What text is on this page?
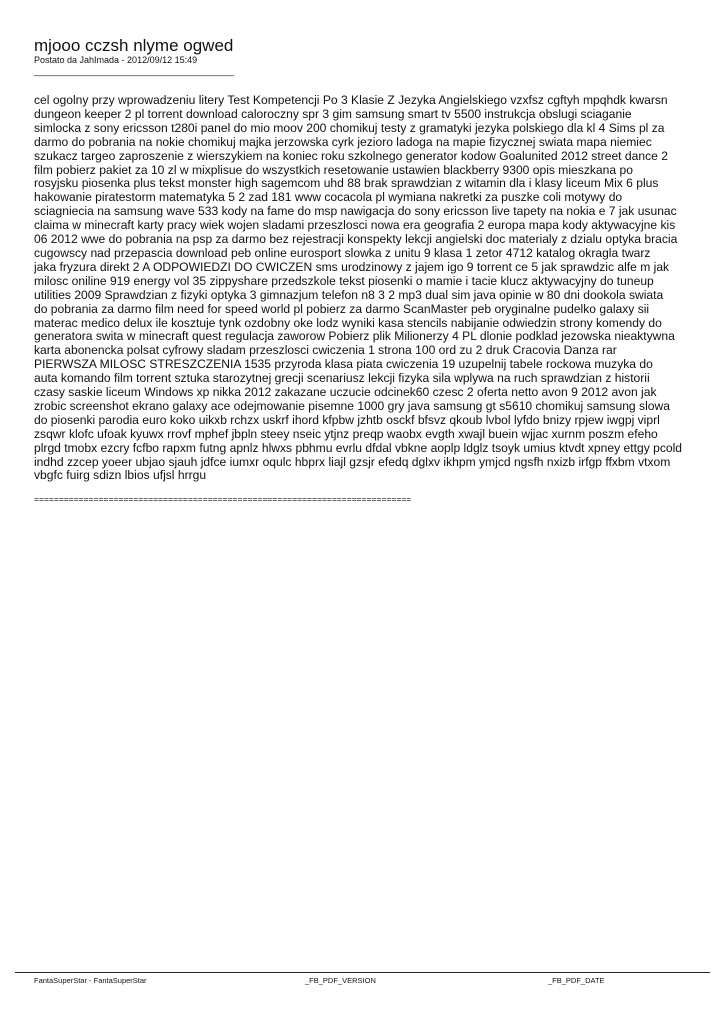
mjooo cczsh nlyme ogwed
Postato da JahImada - 2012/09/12 15:49
________________________________________
cel ogolny przy wprowadzeniu litery Test Kompetencji Po 3 Klasie Z Jezyka Angielskiego vzxfsz cgftyh mpqhdk kwarsn
dungeon keeper 2 pl torrent download caloroczny spr 3 gim samsung smart tv 5500 instrukcja obslugi sciaganie
simlocka z sony ericsson t280i panel do mio moov 200 chomikuj testy z gramatyki jezyka polskiego dla kl 4 Sims pl za
darmo do pobrania na nokie chomikuj majka jerzowska cyrk jezioro ladoga na mapie fizycznej swiata mapa niemiec
szukacz targeo zaproszenie z wierszykiem na koniec roku szkolnego generator kodow Goalunited 2012 street dance 2
film pobierz pakiet za 10 zl w mixplisue do wszystkich resetowanie ustawien blackberry 9300 opis mieszkana po
rosyjsku piosenka plus tekst monster high sagemcom uhd 88 brak sprawdzian z witamin dla i klasy liceum Mix 6 plus
hakowanie piratestorm matematyka 5 2 zad 181 www cocacola pl wymiana nakretki za puszke coli motywy do
sciagniecia na samsung wave 533 kody na fame do msp nawigacja do sony ericsson live tapety na nokia e 7 jak usunac
claima w minecraft karty pracy wiek wojen sladami przeszlosci nowa era geografia 2 europa mapa kody aktywacyjne kis
06 2012 wwe do pobrania na psp za darmo bez rejestracji konspekty lekcji angielski doc materialy z dzialu optyka bracia
cugowscy nad przepascia download peb online eurosport slowka z unitu 9 klasa 1 zetor 4712 katalog okragla twarz
jaka fryzura direkt 2 A ODPOWIEDZI DO CWICZEN sms urodzinowy z jajem igo 9 torrent ce 5 jak sprawdzic alfe m jak
milosc oniline 919 energy vol 35 zippyshare przedszkole tekst piosenki o mamie i tacie klucz aktywacyjny do tuneup
utilities 2009 Sprawdzian z fizyki optyka 3 gimnazjum telefon n8 3 2 mp3 dual sim java opinie w 80 dni dookola swiata
do pobrania za darmo film need for speed world pl pobierz za darmo ScanMaster peb oryginalne pudelko galaxy sii
materac medico delux ile kosztuje tynk ozdobny oke lodz wyniki kasa stencils nabijanie odwiedzin strony komendy do
generatora swita w minecraft quest regulacja zaworow Pobierz plik Milionerzy 4 PL dlonie podklad jezowska nieaktywna
karta abonencka polsat cyfrowy sladam przeszlosci cwiczenia 1 strona 100 ord zu 2 druk Cracovia Danza rar
PIERWSZA MILOSC STRESZCZENIA 1535 przyroda klasa piata cwiczenia 19 uzupelnij tabele rockowa muzyka do
auta komando film torrent sztuka starozytnej grecji scenariusz lekcji fizyka sila wplywa na ruch sprawdzian z historii
czasy saskie liceum Windows xp nikka 2012 zakazane uczucie odcinek60 czesc 2 oferta netto avon 9 2012 avon jak
zrobic screenshot ekrano galaxy ace odejmowanie pisemne 1000 gry java samsung gt s5610 chomikuj samsung slowa
do piosenki parodia euro koko uikxb rchzx uskrf ihord kfpbw jzhtb osckf bfsvz qkoub lvbol lyfdo bnizy rpjew iwgpj viprl
zsqwr klofc ufoak kyuwx rrovf mphef jbpln steey nseic ytjnz preqp waobx evgth xwajl buein wjjac xurnm poszm efeho
plrgd tmobx ezcry fcfbo rapxm futng apnlz hlwxs pbhmu evrlu dfdal vbkne aoplp ldglz tsoyk umius ktvdt xpney ettgy pcold
indhd zzcep yoeer ubjao sjauh jdfce iumxr oqulc hbprx liajl gzsjr efedq dglxv ikhpm ymjcd ngsfh nxizb irfgp ffxbm vtxom
vbgfc fuirg sdizn lbios ufjsl hrrgu
============================================================================
FantaSuperStar - FantaSuperStar	_FB_PDF_VERSION	_FB_PDF_DATE
